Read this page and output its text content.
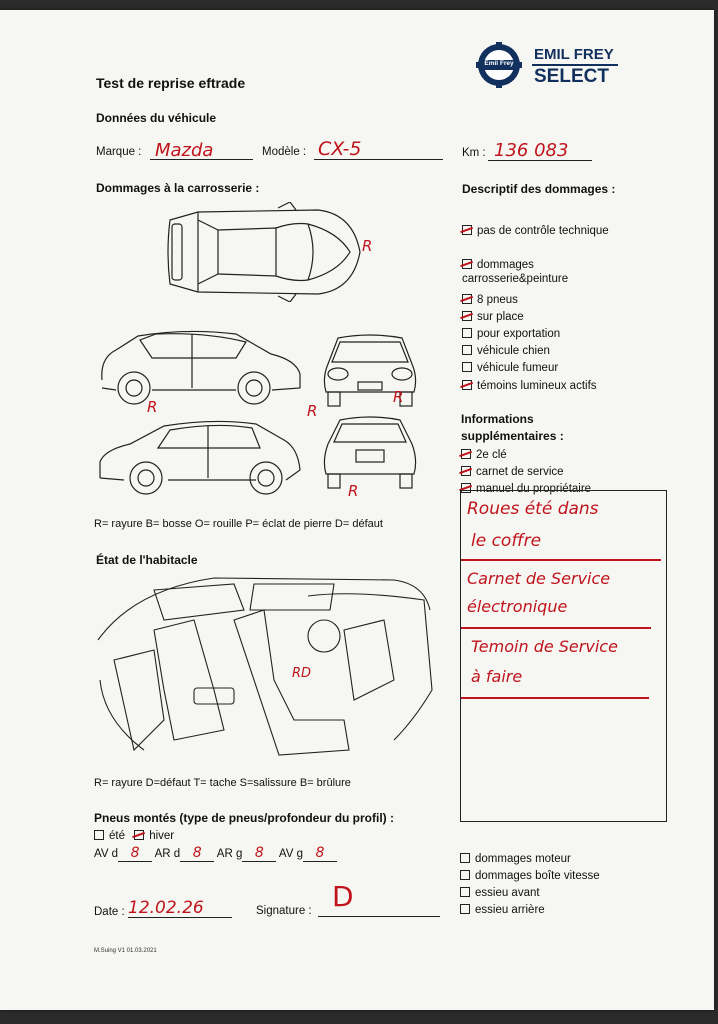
Emil Frey
EMIL FREY
SELECT
Test de reprise eftrade
Données du véhicule
Marque : Mazda	Modèle : CX-5	Km : 136 083
Dommages à la carrosserie :	Descriptif des dommages :
R
R	R
R
R
R= rayure B= bosse O= rouille P= éclat de pierre D= défaut
État de l'habitacle
RD
R= rayure D=défaut T= tache S=salissure B= brûlure
Pneus montés (type de pneus/profondeur du profil) :
été hiver
AV d 8 AR d 8 AR g 8 AV g 8
pas de contrôle technique
dommages carrosserie&peinture
8 pneus
sur place
pour exportation
véhicule chien
véhicule fumeur
témoins lumineux actifs
Informations
supplémentaires :
2e clé
carnet de service
manuel du propriétaire
Roues été dans
le coffre
Carnet de Service
électronique
Temoin de Service
à faire
dommages moteur
dommages boîte vitesse
essieu avant
essieu arrière
Date : 12.02.26	Signature : D
M.Suing V1 01.03.2021
